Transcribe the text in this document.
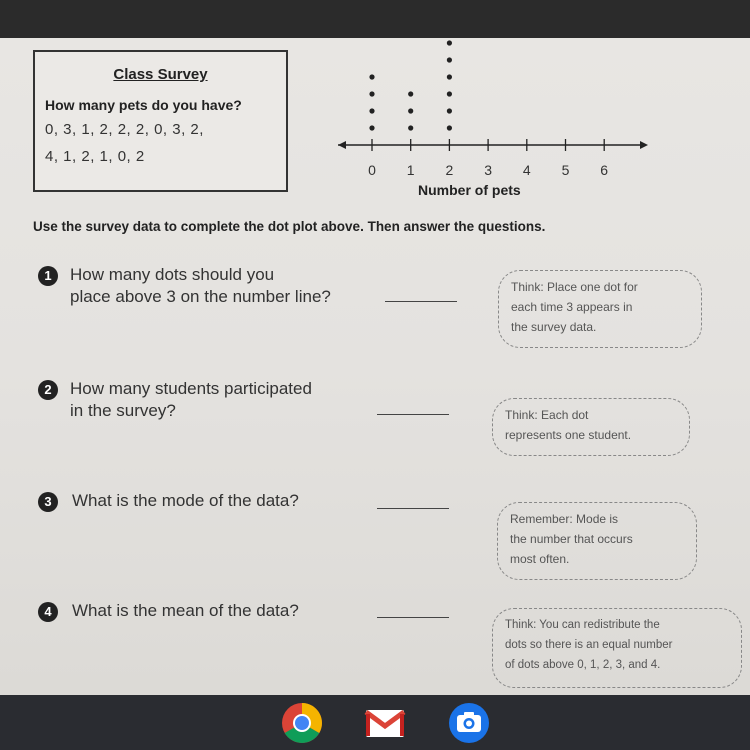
Class Survey
How many pets do you have?
0, 3, 1, 2, 2, 2, 0, 3, 2,
4, 1, 2, 1, 0, 2
0 1 2 3 4 5 6
Number of pets
Use the survey data to complete the dot plot above. Then answer the questions.
1	How many dots should you
place above 3 on the number line?	Think: Place one dot for
each time 3 appears in
the survey data.
2	How many students participated
in the survey?	Think: Each dot
represents one student.
3	What is the mode of the data?
Remember: Mode is
the number that occurs
most often.
4	What is the mean of the data?
Think: You can redistribute the
dots so there is an equal number
of dots above 0, 1, 2, 3, and 4.
